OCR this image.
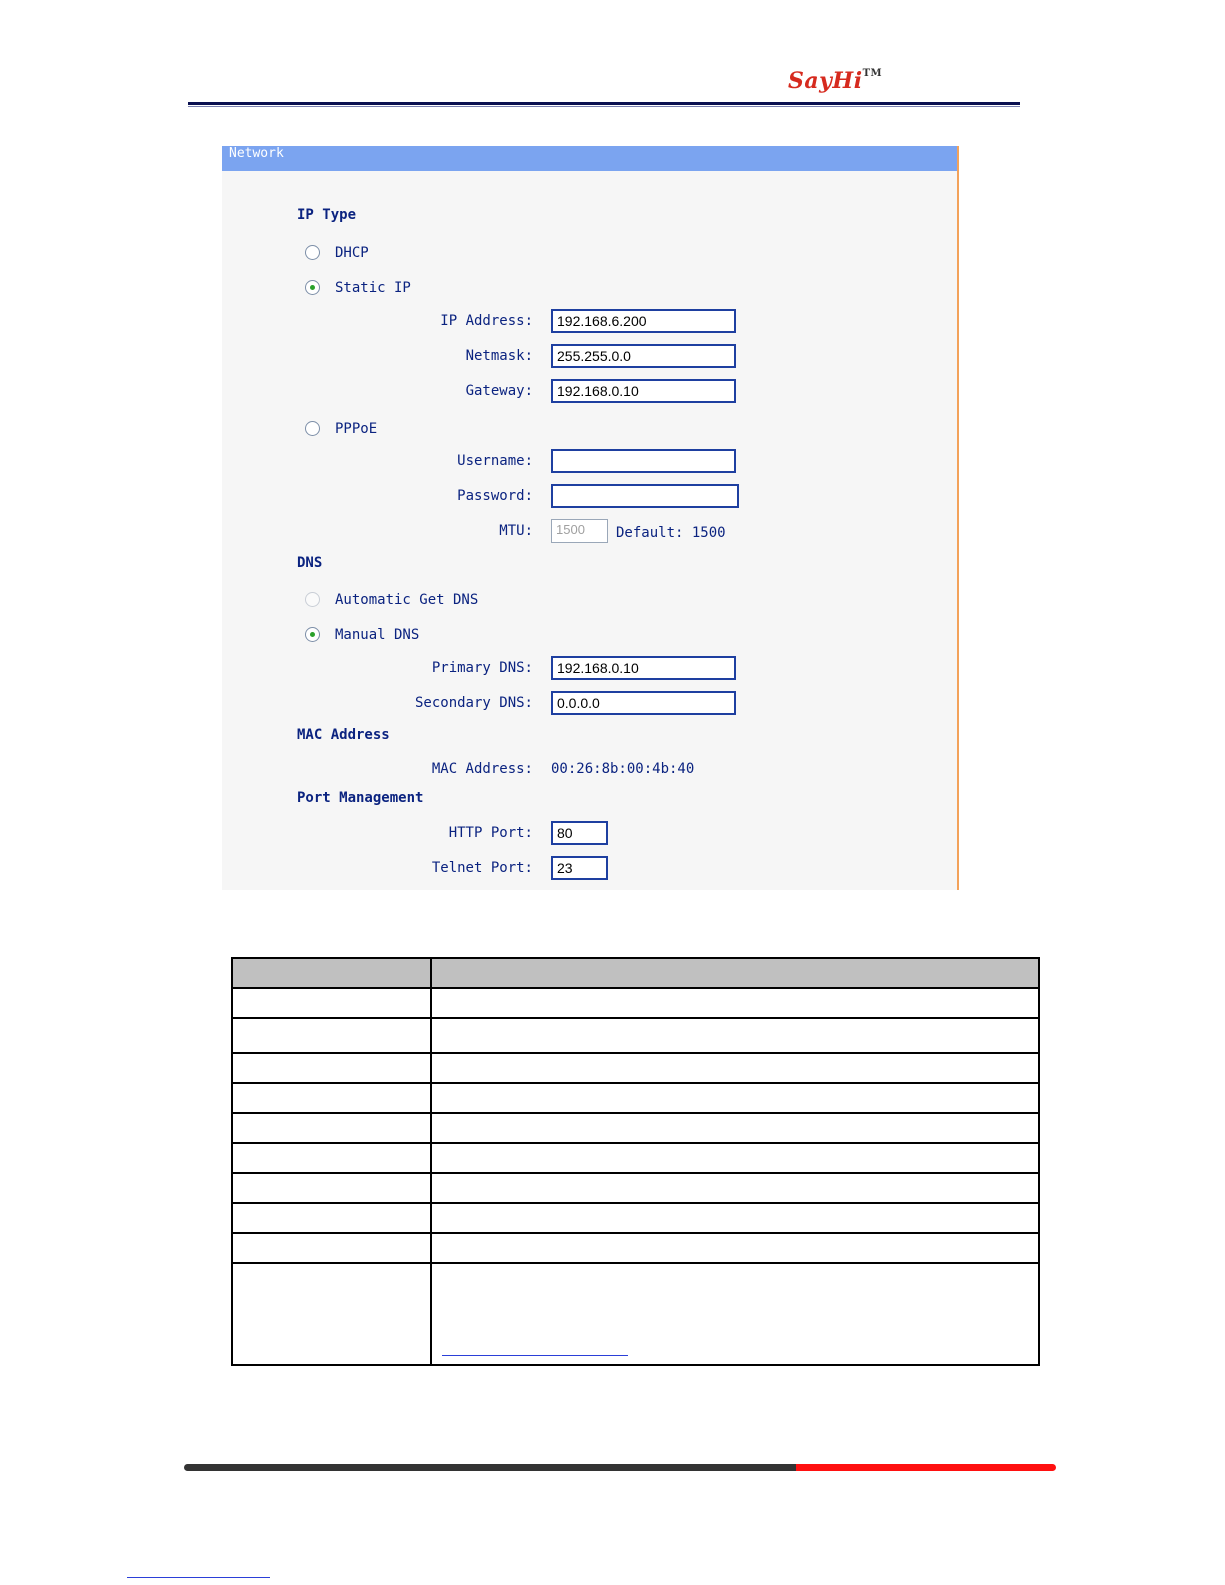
SayHi™
Network
IP Type
DHCP
Static IP
IP Address:	192.168.6.200
Netmask:	255.255.0.0
Gateway:	192.168.0.10
PPPoE
Username:
Password:
MTU:	1500	Default: 1500
DNS
Automatic Get DNS
Manual DNS
Primary DNS:	192.168.0.10
Secondary DNS:	0.0.0.0
MAC Address
MAC Address: 00:26:8b:00:4b:40
Port Management
HTTP Port:	80
Telnet Port:	23
